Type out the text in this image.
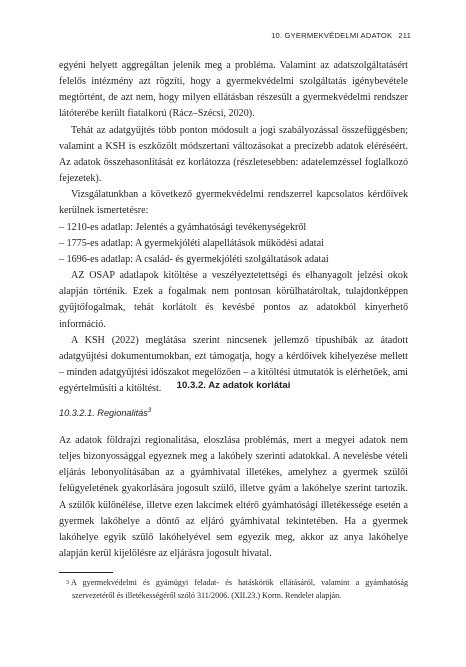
10. GYERMEKVÉDELMI ADATOK 211

egyéni helyett aggregáltan jelenik meg a probléma. Valamint az adatszolgáltatásért felelős intézmény azt rögzíti, hogy a gyermekvédelmi szolgáltatás igénybevétele megtörtént, de azt nem, hogy milyen ellátásban részesült a gyermekvédelmi rendszer látóterébe került fiatalkorú (Rácz–Szécsi, 2020).

Tehát az adatgyűjtés több ponton módosult a jogi szabályozással összefüggésben; valamint a KSH is eszközölt módszertani változásokat a precízebb adatok eléréséért. Az adatok összehasonlítását ez korlátozza (részletesebben: adatelemzéssel foglalkozó fejezetek).

Vizsgálatunkban a következő gyermekvédelmi rendszerrel kapcsolatos kérdőívek kerülnek ismertetésre:

– 1210-es adatlap: Jelentés a gyámhatósági tevékenységekről

– 1775-es adatlap: A gyermekjóléti alapellátások működési adatai

– 1696-es adatlap: A család- és gyermekjóléti szolgáltatások adatai

AZ OSAP adatlapok kitöltése a veszélyeztetettségi és elhanyagolt jelzési okok alapján történik. Ezek a fogalmak nem pontosan körülhatároltak, tulajdonképpen gyűjtőfogalmak, tehát korlátolt és kevésbé pontos az adatokból kinyerhető információ.

A KSH (2022) meglátása szerint nincsenek jellemző típushibák az átadott adatgyűjtési dokumentumokban, ezt támogatja, hogy a kérdőívek kihelyezése mellett – minden adatgyűjtési időszakot megelőzően – a kitöltési útmutatók is elérhetőek, ami egyértelműsíti a kitöltést.	10.3.2. Az adatok korlátai
10.3.2.1. Regionalitás$^3$

Az adatok földrajzi regionalitása, eloszlása problémás, mert a megyei adatok nem teljes bizonyossággal egyeznek meg a lakóhely szerinti adatokkal. A nevelésbe vételi eljárás lebonyolításában az a gyámhivatal illetékes, amelyhez a gyermek szülői felügyeletének gyakorlására jogosult szülő, illetve gyám a lakóhelye szerint tartozik. A szülők különélése, illetve ezen lakcímek eltérő gyámhatósági illetékessége esetén a gyermek lakóhelye a döntő az eljáró gyámhivatal tekintetében. Ha a gyermek lakóhelye egyik szülő lakóhelyével sem egyezik meg, akkor az anya lakóhelye alapján kerül kijelölésre az eljárásra jogosult hivatal.

3 A gyermekvédelmi és gyámügyi feladat- és hatáskörök ellátásáról, valamint a gyámhatóság szervezetéről és illetékességéről szóló 311/2006. (XII.23.) Korm. Rendelet alapján.
